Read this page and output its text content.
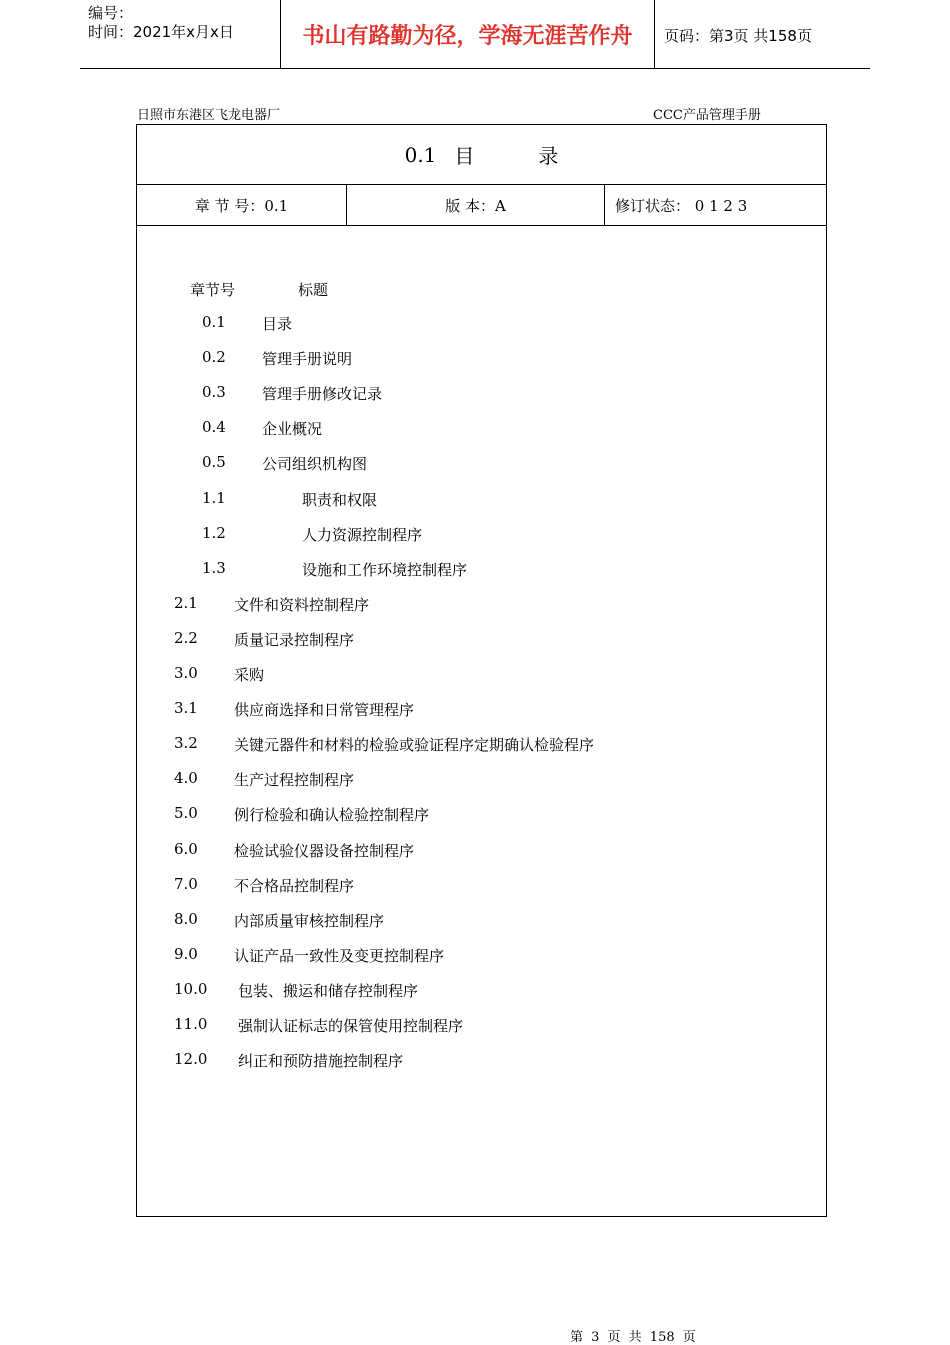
编号：
时间：2021年x月x日	书山有路勤为径，学海无涯苦作舟	页码：第3页 共158页
日照市东港区飞龙电器厂	CCC产品管理手册
0.1 目	录
章 节 号：0.1	版 本：A	修订状态： 0 1 2 3
章节号	标题
0.1 目录
0.2 管理手册说明
0.3 管理手册修改记录
0.4 企业概况
0.5 公司组织机构图
1.1	职责和权限
1.2	人力资源控制程序
1.3	设施和工作环境控制程序
2.1 文件和资料控制程序
2.2 质量记录控制程序
3.0 采购
3.1 供应商选择和日常管理程序
3.2 关键元器件和材料的检验或验证程序定期确认检验程序
4.0 生产过程控制程序
5.0 例行检验和确认检验控制程序
6.0 检验试验仪器设备控制程序
7.0 不合格品控制程序
8.0 内部质量审核控制程序
9.0 认证产品一致性及变更控制程序
10.0 包装、搬运和储存控制程序
11.0 强制认证标志的保管使用控制程序
12.0 纠正和预防措施控制程序
第 3 页 共 158 页
